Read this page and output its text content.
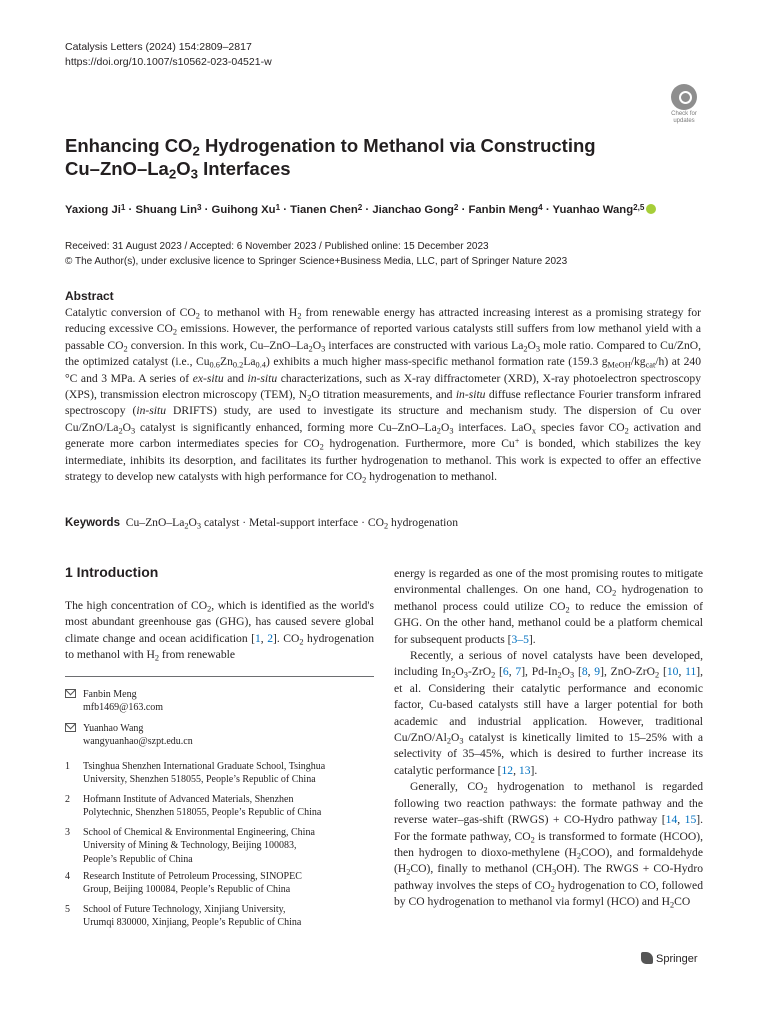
Catalysis Letters (2024) 154:2809–2817
https://doi.org/10.1007/s10562-023-04521-w
Check for
updates
Enhancing $CO_2$ Hydrogenation to Methanol via Constructing
$Cu-ZnO-La_2O_3$ Interfaces
Yaxiong $Ji^1$ · Shuang Lin$^3$ · Guihong $Xu^1$ · Tianen Chen$^2$ · Jianchao Gong$^2$ · Fanbin Meng$^4$ · Yuanhao Wang$^{2,5}$
Received: 31 August 2023 / Accepted: 6 November 2023 / Published online: 15 December 2023
© The Author(s), under exclusive licence to Springer Science+Business Media, LLC, part of Springer Nature 2023
Abstract
Catalytic conversion of $CO_2$ to methanol with $H_2$ from renewable energy has attracted increasing interest as a promising strategy for reducing excessive $CO_2$ emissions. However, the performance of reported various catalysts still suffers from low methanol yield with a passable $CO_2$ conversion. In this work, $Cu-ZnO-La_2O_3$ interfaces are constructed with various $La_2O_3$ mole ratio. Compared to Cu/ZnO, the optimized catalyst (i.e., $Cu_{0.6}Zn_{0.2}La_{0.4}$) exhibits a much higher mass-specific methanol formation rate (159.3 $g_{MeOH}/kg_{cat}/h$) at 240 °C and 3 MPa. A series of ex-situ and in-situ characterizations, such as X-ray diffractometer (XRD), X-ray photoelectron spectroscopy (XPS), transmission electron microscopy (TEM), $N_2O$ titration measurements, and in-situ diffuse reflectance Fourier transform infrared spectroscopy (in-situ DRIFTS) study, are used to investigate its structure and mechanism study. The dispersion of Cu over $Cu/ZnO/La_2O_3$ catalyst is significantly enhanced, forming more $Cu-ZnO-La_2O_3$ interfaces. LaO$_x$ species favor $CO_2$ activation and generate more carbon intermediates species for $CO_2$ hydrogenation. Furthermore, more Cu+ is bonded, which stabilizes the key intermediate, inhibits its desorption, and facilitates its further hydrogenation to methanol. This work is expected to offer an effective strategy to develop new catalysts with high performance for $CO_2$ hydrogenation to methanol.
Keywords $Cu-ZnO-La_2O_3$ catalyst · Metal-support interface · $CO_2$ hydrogenation
1 Introduction

The high concentration of $CO_2$, which is identified as the world's most abundant greenhouse gas (GHG), has caused severe global climate change and ocean acidification [1, 2]. $CO_2$ hydrogenation to methanol with $H_2$ from renewable

Fanbin Meng
mfb1469@163.com
Yuanhao Wang
wangyuanhao@szpt.edu.cn
1 Tsinghua Shenzhen International Graduate School, Tsinghua
University, Shenzhen 518055, People’s Republic of China
2 Hofmann Institute of Advanced Materials, Shenzhen
Polytechnic, Shenzhen 518055, People’s Republic of China
3 School of Chemical & Environmental Engineering, China
University of Mining & Technology, Beijing 100083,
People’s Republic of China
4 Research Institute of Petroleum Processing, SINOPEC
Group, Beijing 100084, People’s Republic of China
5 School of Future Technology, Xinjiang University,
Urumqi 830000, Xinjiang, People’s Republic of China

energy is regarded as one of the most promising routes to mitigate environmental challenges. On one hand, $CO_2$ hydrogenation to methanol process could utilize $CO_2$ to reduce the emission of GHG. On the other hand, methanol could be a platform chemical for subsequent products [3–5].

Recently, a serious of novel catalysts have been developed, including $In_2O_3-ZrO_2$ [6, 7], $Pd-In_2O_3$ [8, 9], ZnO-ZrO$_2$ [10, 11], et al. Considering their catalytic performance and economic factor, Cu-based catalysts still have a larger potential for both academic and industrial application. However, traditional $Cu/ZnO/Al_2O_3$ catalyst is kinetically limited to 15–25% with a selectivity of 35–45%, which is desired to further increase its catalytic performance [12, 13].

Generally, $CO_2$ hydrogenation to methanol is regarded following two reaction pathways: the formate pathway and the reverse water–gas-shift (RWGS) + CO-Hydro pathway [14, 15]. For the formate pathway, $CO_2$ is transformed to formate (HCOO), then hydrogen to dioxo-methylene $(H_2COO)$, and formaldehyde $(H_2CO)$, finally to methanol $(CH_3OH)$. The RWGS + CO-Hydro pathway involves the steps of $CO_2$ hydrogenation to CO, followed by CO hydrogenation to methanol via formyl (HCO) and $H_2CO$

Springer
